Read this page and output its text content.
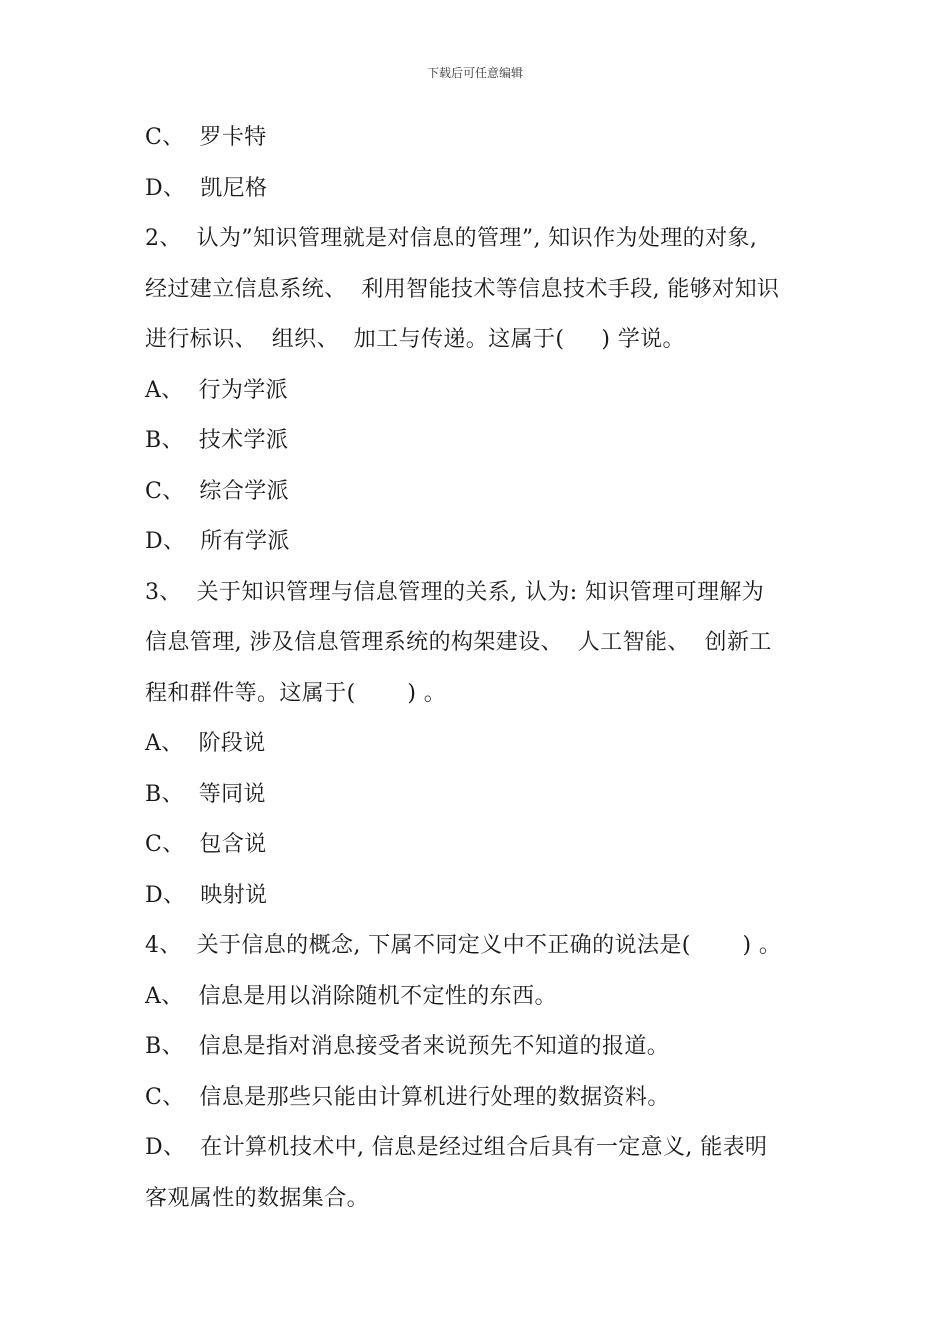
下载后可任意编辑
C、  罗卡特
D、  凯尼格
2、  认为”知识管理就是对信息的管理”, 知识作为处理的对象,
经过建立信息系统、  利用智能技术等信息技术手段, 能够对知识
进行标识、  组织、  加工与传递。这属于(     ) 学说。
A、  行为学派
B、  技术学派
C、  综合学派
D、  所有学派
3、  关于知识管理与信息管理的关系, 认为: 知识管理可理解为
信息管理, 涉及信息管理系统的构架建设、  人工智能、  创新工
程和群件等。这属于(       ) 。
A、  阶段说
B、  等同说
C、  包含说
D、  映射说
4、  关于信息的概念, 下属不同定义中不正确的说法是(       ) 。
A、  信息是用以消除随机不定性的东西。
B、  信息是指对消息接受者来说预先不知道的报道。
C、  信息是那些只能由计算机进行处理的数据资料。
D、  在计算机技术中, 信息是经过组合后具有一定意义, 能表明
客观属性的数据集合。
